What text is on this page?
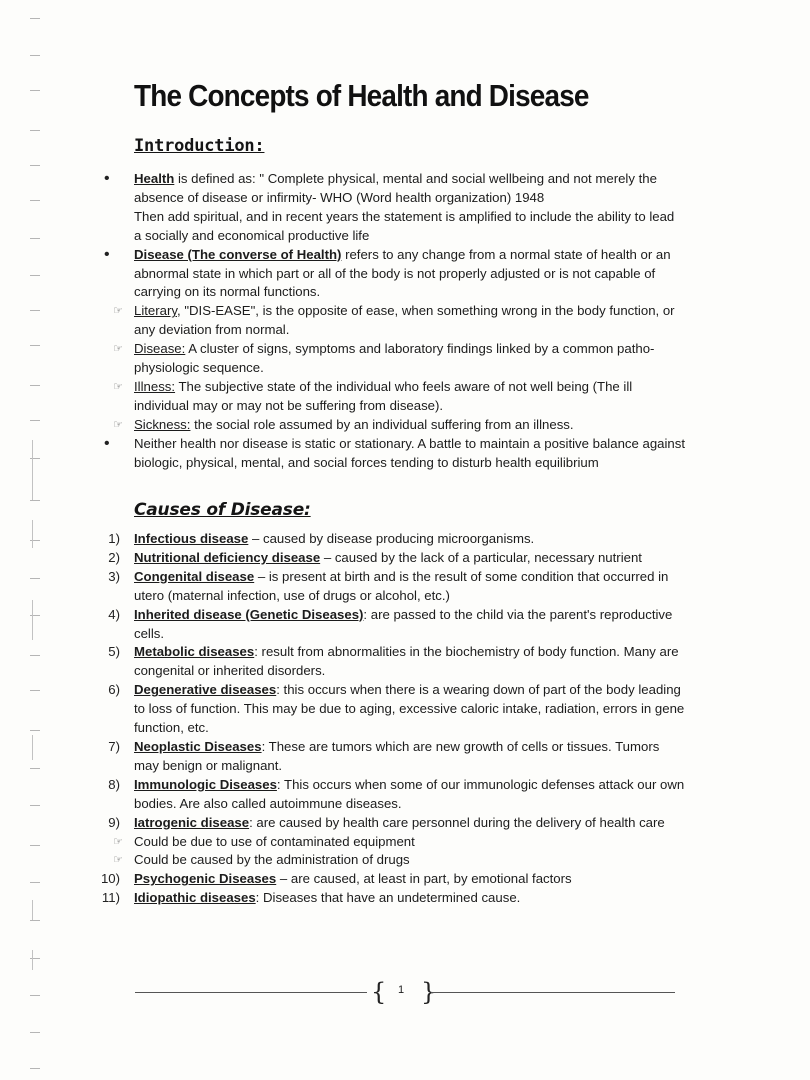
The Concepts of Health and Disease
Introduction:
•	Health is defined as: " Complete physical, mental and social wellbeing and not merely the absence of disease or infirmity- WHO (Word health organization) 1948
Then add spiritual, and in recent years the statement is amplified to include the ability to lead a socially and economical productive life
•	Disease (The converse of Health) refers to any change from a normal state of health or an abnormal state in which part or all of the body is not properly adjusted or is not capable of carrying on its normal functions.
☞ Literary, "DIS-EASE", is the opposite of ease, when something wrong in the body function, or any deviation from normal.
☞ Disease: A cluster of signs, symptoms and laboratory findings linked by a common patho-physiologic sequence.
☞ Illness: The subjective state of the individual who feels aware of not well being (The ill individual may or may not be suffering from disease).
☞ Sickness: the social role assumed by an individual suffering from an illness.
•	Neither health nor disease is static or stationary. A battle to maintain a positive balance against biologic, physical, mental, and social forces tending to disturb health equilibrium
Causes of Disease:
1) Infectious disease – caused by disease producing microorganisms.
2) Nutritional deficiency disease – caused by the lack of a particular, necessary nutrient
3) Congenital disease – is present at birth and is the result of some condition that occurred in utero (maternal infection, use of drugs or alcohol, etc.)
4) Inherited disease (Genetic Diseases): are passed to the child via the parent's reproductive cells.
5) Metabolic diseases: result from abnormalities in the biochemistry of body function. Many are congenital or inherited disorders.
6) Degenerative diseases: this occurs when there is a wearing down of part of the body leading to loss of function. This may be due to aging, excessive caloric intake, radiation, errors in gene function, etc.
7) Neoplastic Diseases: These are tumors which are new growth of cells or tissues. Tumors may benign or malignant.
8) Immunologic Diseases: This occurs when some of our immunologic defenses attack our own bodies. Are also called autoimmune diseases.
9) Iatrogenic disease: are caused by health care personnel during the delivery of health care
☞ Could be due to use of contaminated equipment
☞ Could be caused by the administration of drugs
10) Psychogenic Diseases – are caused, at least in part, by emotional factors
11) Idiopathic diseases: Diseases that have an undetermined cause.
{	1 }
